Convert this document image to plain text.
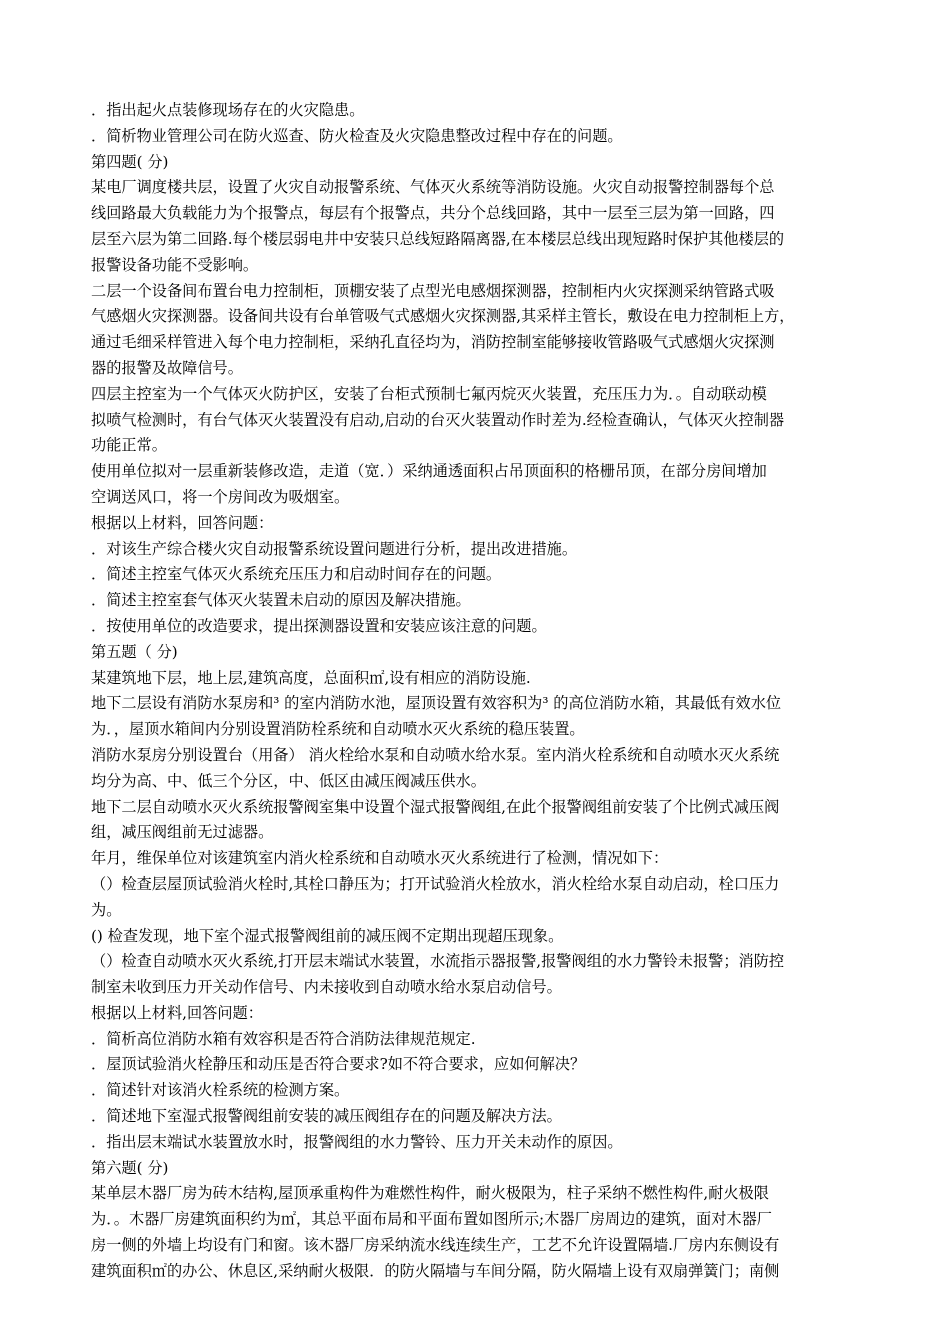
．指出起火点装修现场存在的火灾隐患。
．简析物业管理公司在防火巡查、防火检查及火灾隐患整改过程中存在的问题。
第四题( 分)
某电厂调度楼共层，设置了火灾自动报警系统、气体灭火系统等消防设施。火灾自动报警控制器每个总
线回路最大负载能力为个报警点，每层有个报警点，共分个总线回路，其中一层至三层为第一回路，四
层至六层为第二回路.每个楼层弱电井中安装只总线短路隔离器,在本楼层总线出现短路时保护其他楼层的
报警设备功能不受影响。
二层一个设备间布置台电力控制柜，顶棚安装了点型光电感烟探测器，控制柜内火灾探测采纳管路式吸
气感烟火灾探测器。设备间共设有台单管吸气式感烟火灾探测器,其采样主管长，敷设在电力控制柜上方，
通过毛细采样管进入每个电力控制柜，采纳孔直径均为，消防控制室能够接收管路吸气式感烟火灾探测
器的报警及故障信号。
四层主控室为一个气体灭火防护区，安装了台柜式预制七氟丙烷灭火装置，充压压力为．。自动联动模
拟喷气检测时，有台气体灭火装置没有启动,启动的台灭火装置动作时差为.经检查确认，气体灭火控制器
功能正常。
使用单位拟对一层重新装修改造，走道（宽．）采纳通透面积占吊顶面积的格栅吊顶，在部分房间增加
空调送风口，将一个房间改为吸烟室。
根据以上材料，回答问题：
．对该生产综合楼火灾自动报警系统设置问题进行分析，提出改进措施。
．简述主控室气体灭火系统充压压力和启动时间存在的问题。
．简述主控室套气体灭火装置未启动的原因及解决措施。
．按使用单位的改造要求，提出探测器设置和安装应该注意的问题。
第五题（ 分)
某建筑地下层，地上层,建筑高度，总面积㎡,设有相应的消防设施.
地下二层设有消防水泵房和³ 的室内消防水池，屋顶设置有效容积为³ 的高位消防水箱，其最低有效水位
为．，屋顶水箱间内分别设置消防栓系统和自动喷水灭火系统的稳压装置。
消防水泵房分别设置台（用备） 消火栓给水泵和自动喷水给水泵。室内消火栓系统和自动喷水灭火系统
均分为高、中、低三个分区，中、低区由减压阀减压供水。
地下二层自动喷水灭火系统报警阀室集中设置个湿式报警阀组,在此个报警阀组前安装了个比例式减压阀
组，减压阀组前无过滤器。
年月，维保单位对该建筑室内消火栓系统和自动喷水灭火系统进行了检测，情况如下：
（）检查层屋顶试验消火栓时,其栓口静压为；打开试验消火栓放水，消火栓给水泵自动启动，栓口压力
为。
() 检查发现，地下室个湿式报警阀组前的减压阀不定期出现超压现象。
（）检查自动喷水灭火系统,打开层末端试水装置，水流指示器报警,报警阀组的水力警铃未报警；消防控
制室未收到压力开关动作信号、内未接收到自动喷水给水泵启动信号。
根据以上材料,回答问题：
．简析高位消防水箱有效容积是否符合消防法律规范规定.
．屋顶试验消火栓静压和动压是否符合要求?如不符合要求，应如何解决？
．简述针对该消火栓系统的检测方案。
．简述地下室湿式报警阀组前安装的减压阀组存在的问题及解决方法。
．指出层末端试水装置放水时，报警阀组的水力警铃、压力开关未动作的原因。
第六题( 分)
某单层木器厂房为砖木结构,屋顶承重构件为难燃性构件，耐火极限为，柱子采纳不燃性构件,耐火极限
为．。木器厂房建筑面积约为㎡，其总平面布局和平面布置如图所示;木器厂房周边的建筑，面对木器厂
房一侧的外墙上均设有门和窗。该木器厂房采纳流水线连续生产，工艺不允许设置隔墙.厂房内东侧设有
建筑面积㎡的办公、休息区,采纳耐火极限．的防火隔墙与车间分隔，防火隔墙上设有双扇弹簧门；南侧
